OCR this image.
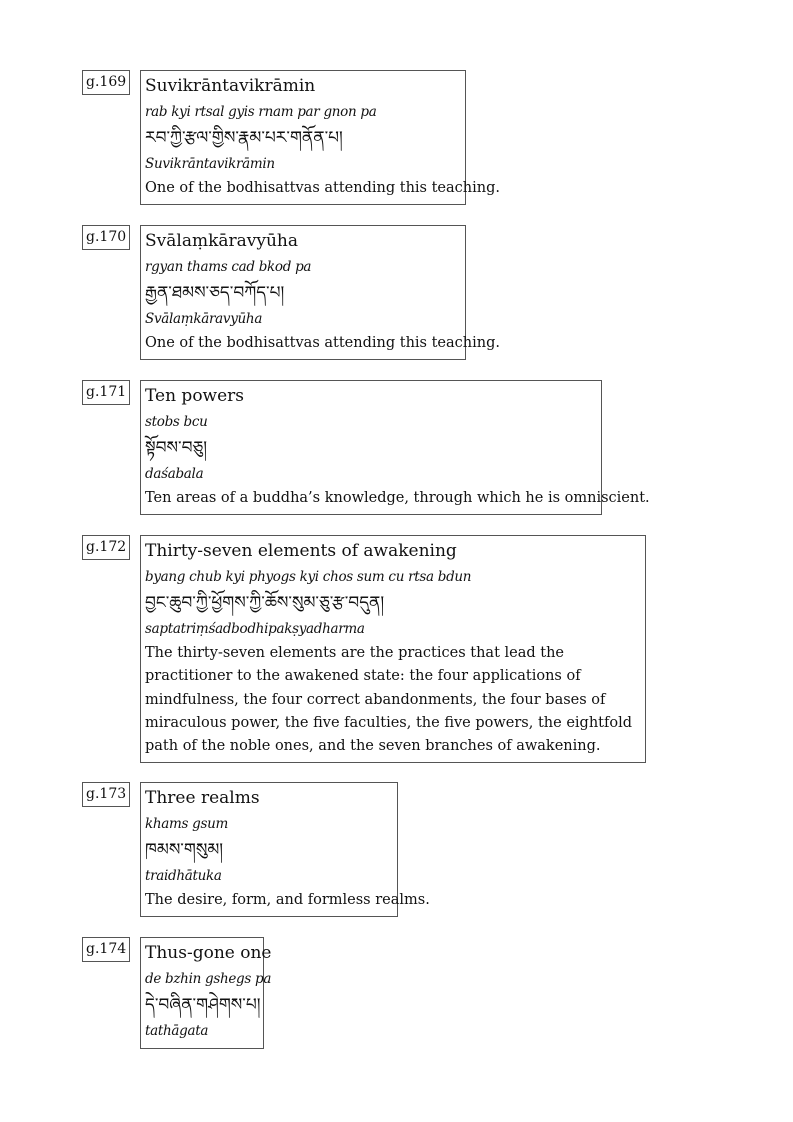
g.169 Suvikrāntavikrāmin
rab kyi rtsal gyis rnam par gnon pa
རབ་ཀྱི་རྩལ་གྱིས་རྣམ་པར་གནོན་པ།
Suvikrāntavikrāmin
One of the bodhisattvas attending this teaching.
g.170 Svālaṃkāravyūha
rgyan thams cad bkod pa
རྒྱན་ཐམས་ཅད་བཀོད་པ།
Svālaṃkāravyūha
One of the bodhisattvas attending this teaching.
g.171 Ten powers
stobs bcu
སྟོབས་བཅུ།
daśabala
Ten areas of a buddha’s knowledge, through which he is omniscient.
g.172 Thirty-seven elements of awakening
byang chub kyi phyogs kyi chos sum cu rtsa bdun
བྱང་ཆུབ་ཀྱི་ཕྱོགས་ཀྱི་ཆོས་སུམ་ཅུ་རྩ་བདུན།
saptatriṃśadbodhipakṣyadharma
The thirty-seven elements are the practices that lead the practitioner to the awakened state: the four applications of mindfulness, the four correct abandonments, the four bases of miraculous power, the five faculties, the five powers, the eightfold path of the noble ones, and the seven branches of awakening.
g.173 Three realms
khams gsum
ཁམས་གསུམ།
traidhātuka
The desire, form, and formless realms.
g.174 Thus-gone one
de bzhin gshegs pa
དེ་བཞིན་གཤེགས་པ།
tathāgata
